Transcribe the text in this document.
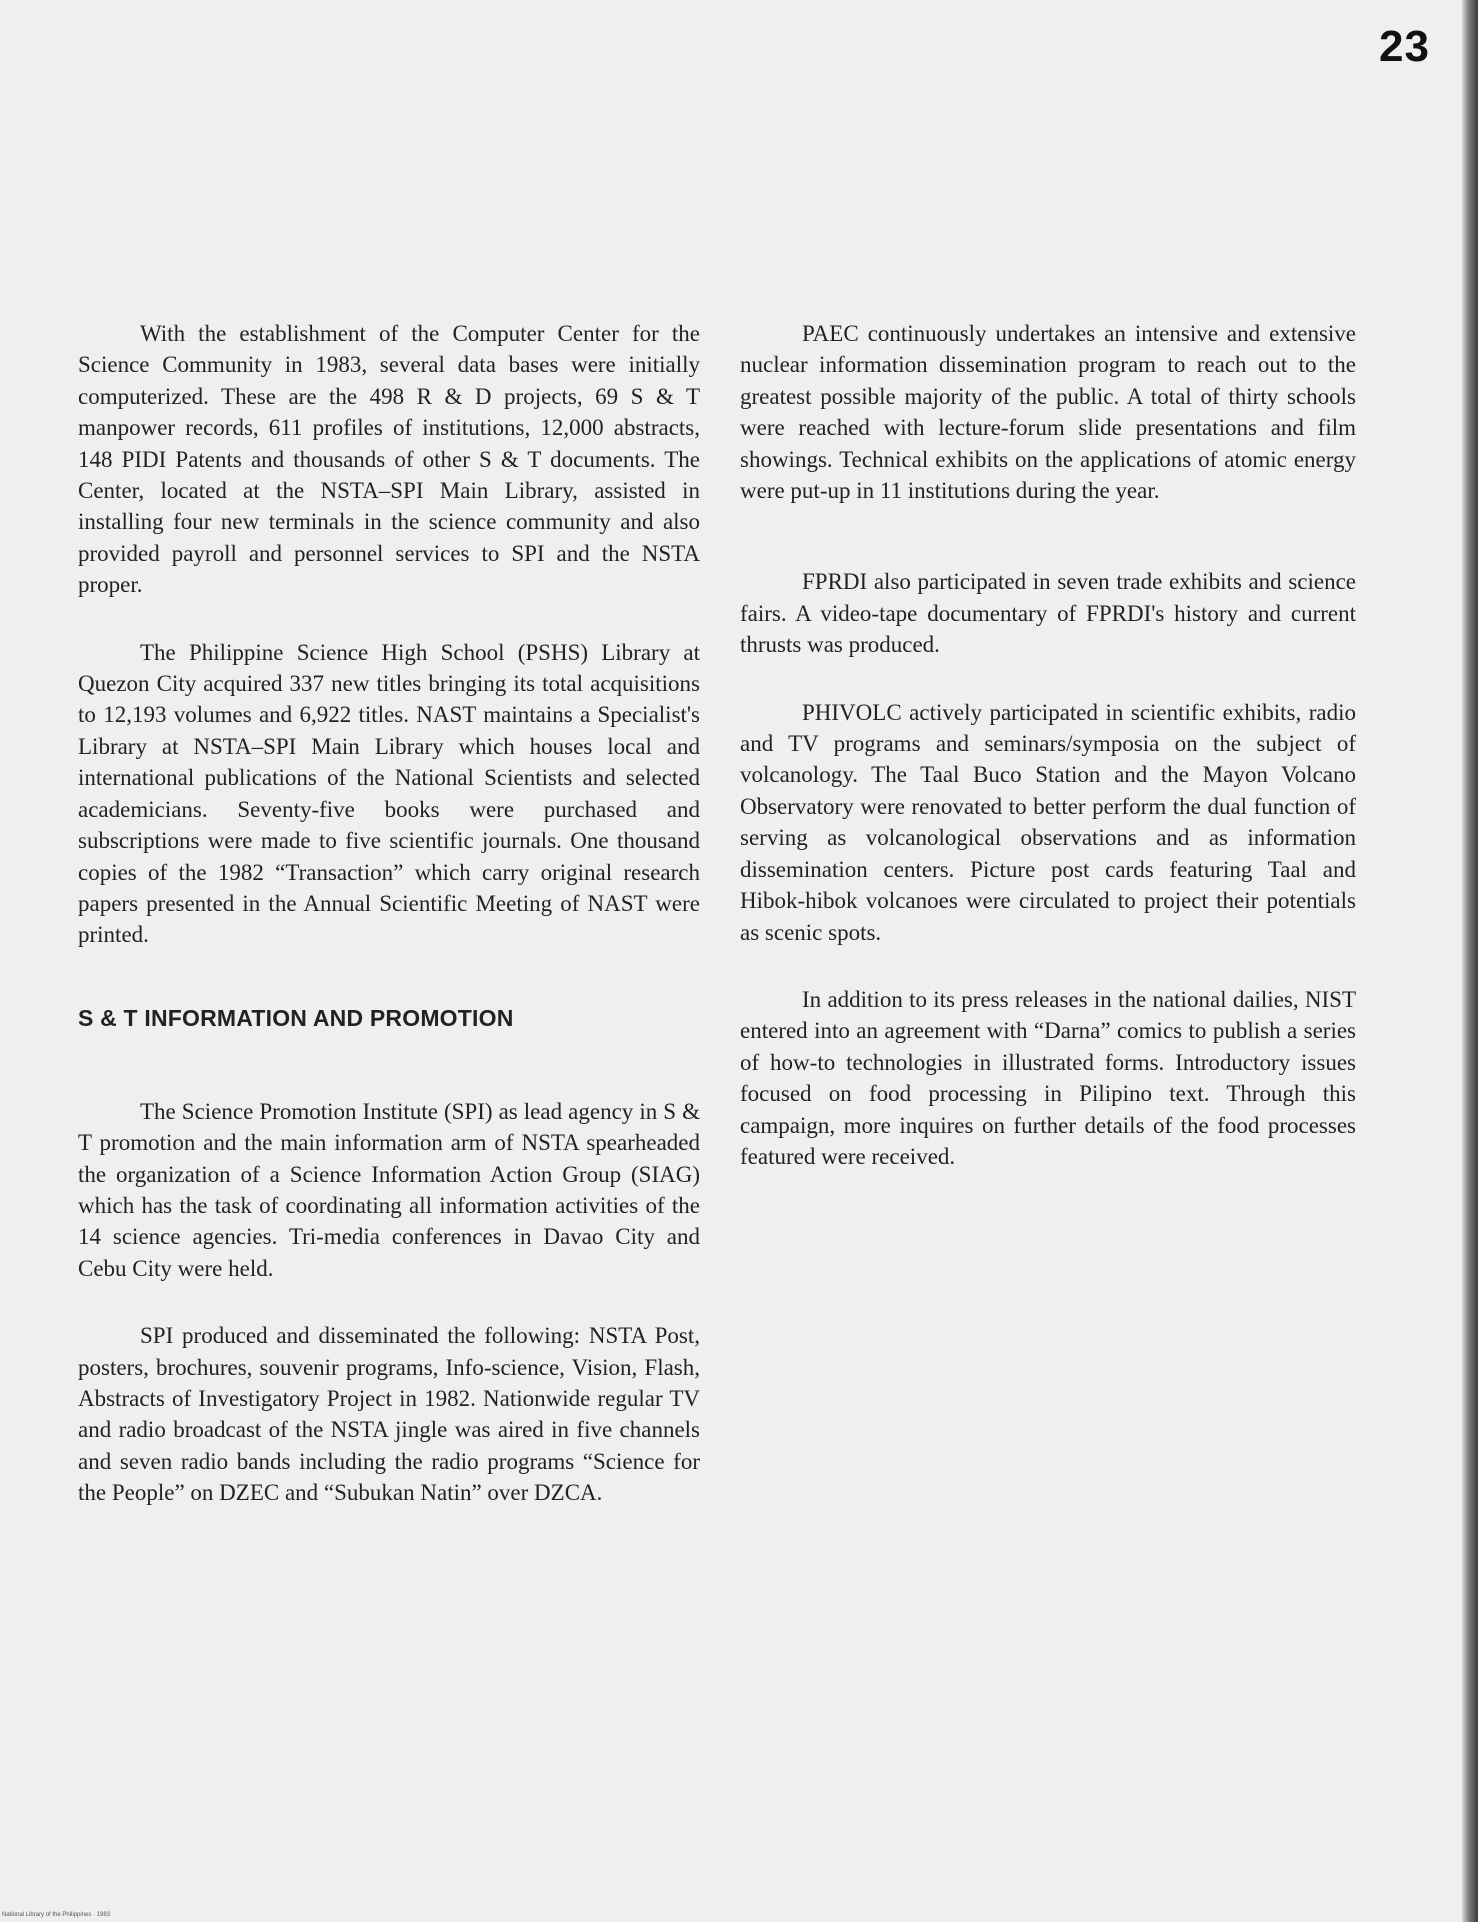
23

With the establishment of the Computer Center for the Science Community in 1983, several data bases were initially computerized. These are the 498 R & D projects, 69 S & T manpower records, 611 profiles of institutions, 12,000 abstracts, 148 PIDI Patents and thousands of other S & T documents. The Center, located at the NSTA–SPI Main Library, assisted in installing four new terminals in the science community and also provided payroll and personnel services to SPI and the NSTA proper.

The Philippine Science High School (PSHS) Library at Quezon City acquired 337 new titles bringing its total acquisitions to 12,193 volumes and 6,922 titles. NAST maintains a Specialist's Library at NSTA–SPI Main Library which houses local and international publications of the National Scientists and selected academicians. Seventy-five books were purchased and subscriptions were made to five scientific journals. One thousand copies of the 1982 “Transaction” which carry original research papers presented in the Annual Scientific Meeting of NAST were printed.

S & T INFORMATION AND PROMOTION

The Science Promotion Institute (SPI) as lead agency in S & T promotion and the main information arm of NSTA spearheaded the organization of a Science Information Action Group (SIAG) which has the task of coordinating all information activities of the 14 science agencies. Tri-media conferences in Davao City and Cebu City were held.

SPI produced and disseminated the following: NSTA Post, posters, brochures, souvenir programs, Info-science, Vision, Flash, Abstracts of Investigatory Project in 1982. Nationwide regular TV and radio broadcast of the NSTA jingle was aired in five channels and seven radio bands including the radio programs “Science for the People” on DZEC and “Subukan Natin” over DZCA.

PAEC continuously undertakes an intensive and extensive nuclear information dissemination program to reach out to the greatest possible majority of the public. A total of thirty schools were reached with lecture-forum slide presentations and film showings. Technical exhibits on the applications of atomic energy were put-up in 11 institutions during the year.

FPRDI also participated in seven trade exhibits and science fairs. A video-tape documentary of FPRDI's history and current thrusts was produced.

PHIVOLC actively participated in scientific exhibits, radio and TV programs and seminars/symposia on the subject of volcanology. The Taal Buco Station and the Mayon Volcano Observatory were renovated to better perform the dual function of serving as volcanological observations and as information dissemination centers. Picture post cards featuring Taal and Hibok-hibok volcanoes were circulated to project their potentials as scenic spots.

In addition to its press releases in the national dailies, NIST entered into an agreement with “Darna” comics to publish a series of how-to technologies in illustrated forms. Introductory issues focused on food processing in Pilipino text. Through this campaign, more inquires on further details of the food processes featured were received.

National Library of the Philippines · 1983
